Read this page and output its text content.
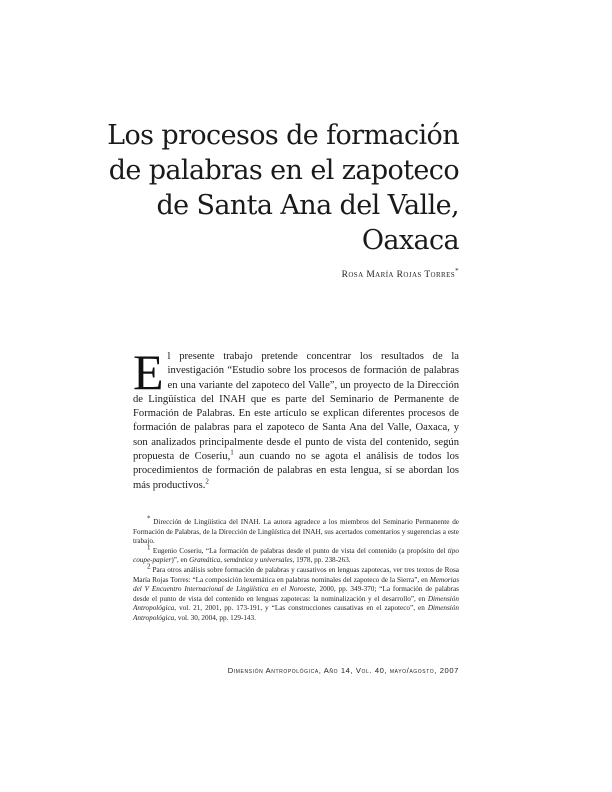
Los procesos de formación
de palabras en el zapoteco
de Santa Ana del Valle,
Oaxaca
Rosa María Rojas Torres*
El presente trabajo pretende concentrar los resultados de la investigación “Estudio sobre los procesos de formación de palabras en una variante del zapoteco del Valle”, un proyecto de la Dirección de Lingüística del INAH que es parte del Seminario de Permanente de Formación de Palabras. En este artículo se explican diferentes procesos de formación de palabras para el zapoteco de Santa Ana del Valle, Oaxaca, y son analizados principalmente desde el punto de vista del contenido, según propuesta de Coseriu,$^1$ aun cuando no se agota el análisis de todos los procedimientos de formación de palabras en esta lengua, sí se abordan los más productivos.$^2$

* Dirección de Lingüística del INAH. La autora agradece a los miembros del Seminario Permanente de Formación de Palabras, de la Dirección de Lingüística del INAH, sus acertados comentarios y sugerencias a este trabajo.

$^1$ Eugenio Coseriu, “La formación de palabras desde el punto de vista del contenido (a propósito del tipo coupe-papier)”, en Gramática, semántica y universales, 1978, pp. 238-263.

$^2$ Para otros análisis sobre formación de palabras y causativos en lenguas zapotecas, ver tres textos de Rosa María Rojas Torres: “La composición lexemática en palabras nominales del zapoteco de la Sierra”, en Memorias del V Encuentro Internacional de Lingüística en el Noroeste, 2000, pp. 349-370; “La formación de palabras desde el punto de vista del contenido en lenguas zapotecas: la nominalización y el desarrollo”, en Dimensión Antropológica, vol. 21, 2001, pp. 173-191, y “Las construcciones causativas en el zapoteco”, en Dimensión Antropológica, vol. 30, 2004, pp. 129-143.

Dimensión Antropológica, Año 14, Vol. 40, mayo/agosto, 2007
